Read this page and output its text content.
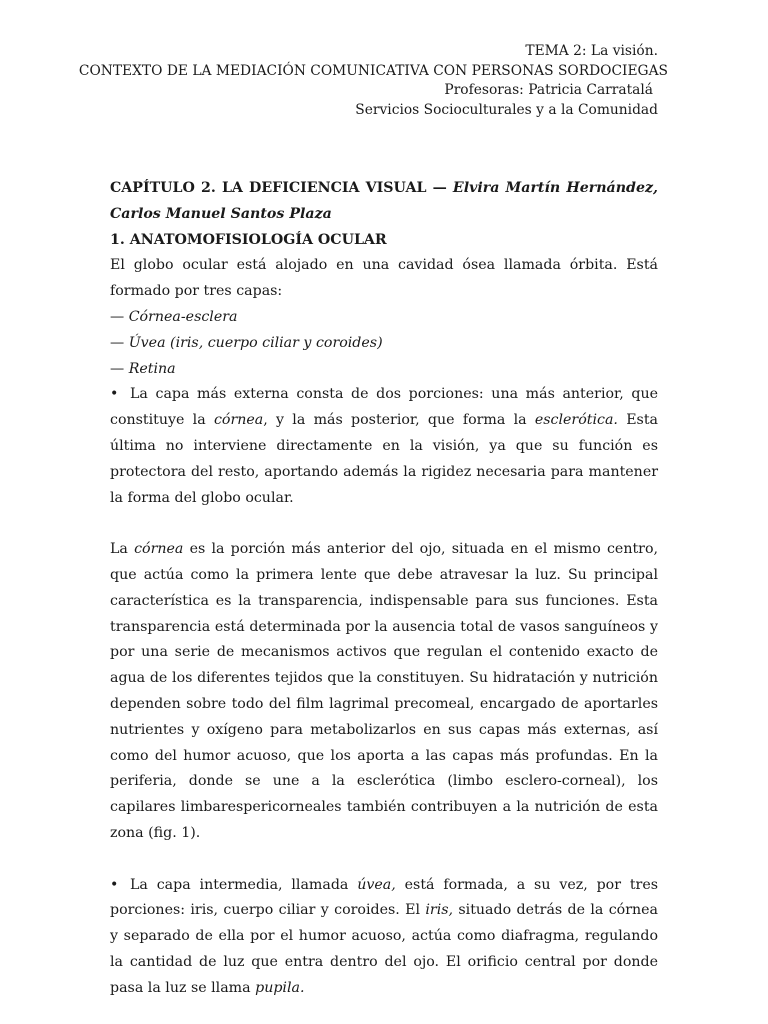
TEMA 2: La visión.
CONTEXTO DE LA MEDIACIÓN COMUNICATIVA CON PERSONAS SORDOCIEGAS
Profesoras: Patricia Carratalá
Servicios Socioculturales y a la Comunidad

CAPÍTULO 2. LA DEFICIENCIA VISUAL — Elvira Martín Hernández, Carlos Manuel Santos Plaza

1. ANATOMOFISIOLOGÍA OCULAR

El globo ocular está alojado en una cavidad ósea llamada órbita. Está formado por tres capas:

— Córnea-esclera

— Úvea (iris, cuerpo ciliar y coroides)

— Retina

•La capa más externa consta de dos porciones: una más anterior, que constituye la córnea, y la más posterior, que forma la esclerótica. Esta última no interviene directamente en la visión, ya que su función es protectora del resto, aportando además la rigidez necesaria para mantener la forma del globo ocular.

La córnea es la porción más anterior del ojo, situada en el mismo centro, que actúa como la primera lente que debe atravesar la luz. Su principal característica es la transparencia, indispensable para sus funciones. Esta transparencia está determinada por la ausencia total de vasos sanguíneos y por una serie de mecanismos activos que regulan el contenido exacto de agua de los diferentes tejidos que la constituyen. Su hidratación y nutrición dependen sobre todo del film lagrimal precomeal, encargado de aportarles nutrientes y oxígeno para metabolizarlos en sus capas más externas, así como del humor acuoso, que los aporta a las capas más profundas. En la periferia, donde se une a la esclerótica (limbo esclero-corneal), los capilares limbarespericorneales también contribuyen a la nutrición de esta zona (fig. 1).

•La capa intermedia, llamada úvea, está formada, a su vez, por tres porciones: iris, cuerpo ciliar y coroides. El iris, situado detrás de la córnea y separado de ella por el humor acuoso, actúa como diafragma, regulando la cantidad de luz que entra dentro del ojo. El orificio central por donde pasa la luz se llama pupila.
